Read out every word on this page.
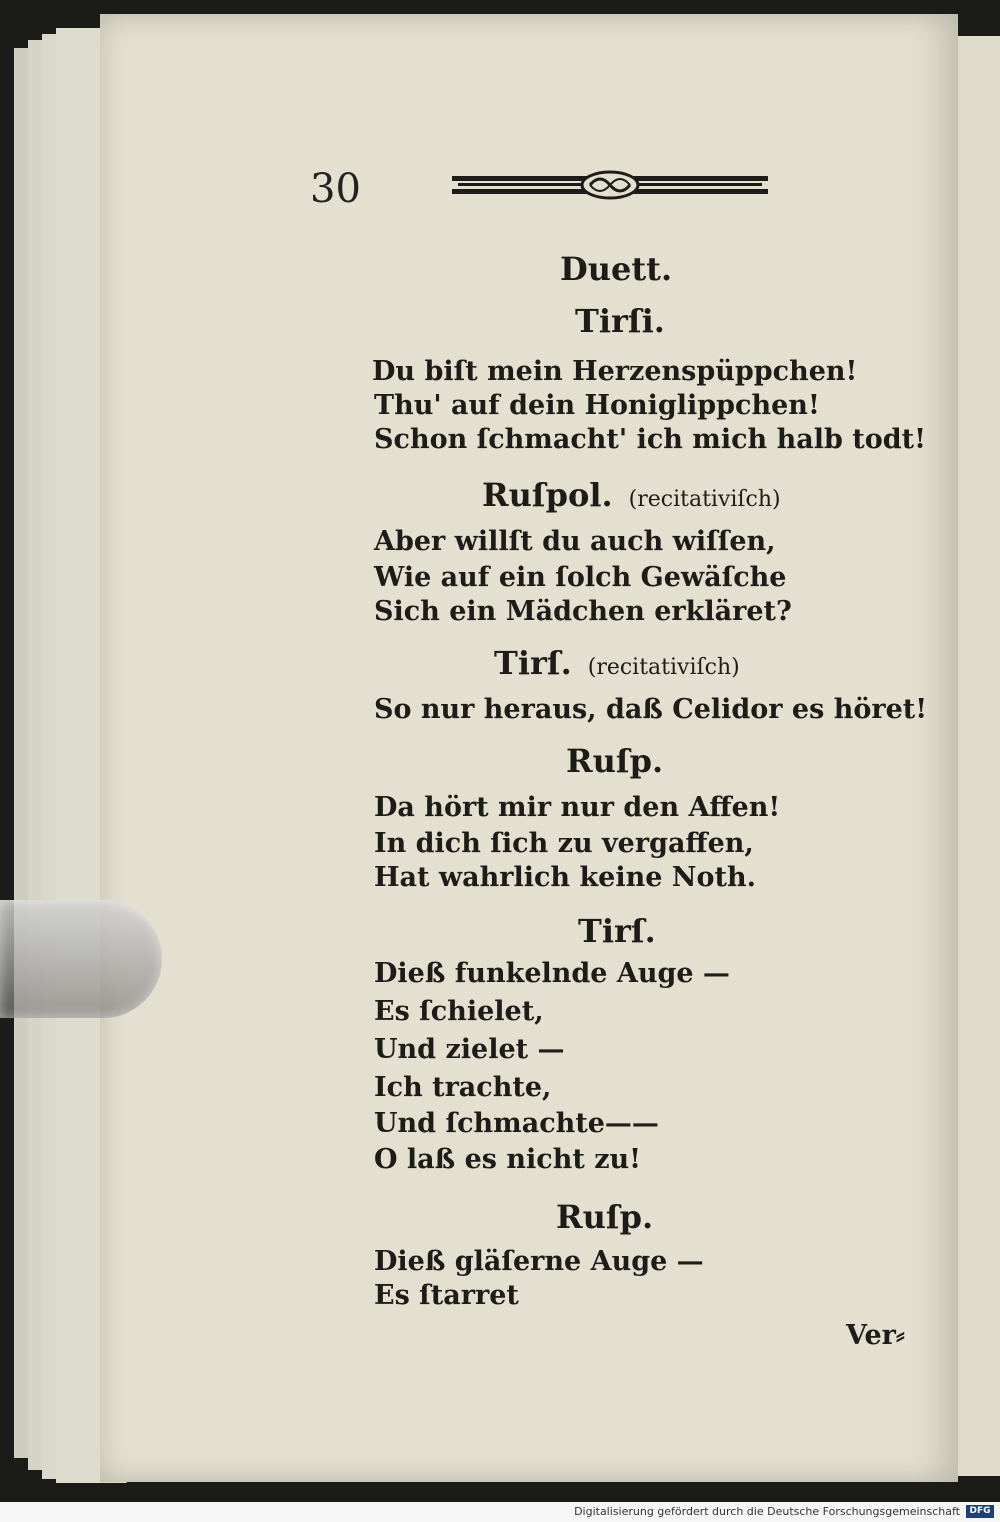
30
Duett.
Tirſi.
Du biſt mein Herzenspüppchen!
Thu' auf dein Honiglippchen!
Schon ſchmacht' ich mich halb todt!
Ruſpol. (recitativiſch)
Aber willſt du auch wiſſen,
Wie auf ein ſolch Gewäſche
Sich ein Mädchen erkläret?
Tirſ. (recitativiſch)
So nur heraus, daß Celidor es höret!
Ruſp.
Da hört mir nur den Affen!
In dich ſich zu vergaffen,
Hat wahrlich keine Noth.
Tirſ.
Dieß funkelnde Auge —
Es ſchielet,
Und zielet —
Ich trachte,
Und ſchmachte——
O laß es nicht zu!
Ruſp.
Dieß gläſerne Auge —
Es ſtarret
Ver⸗
Digitalisierung gefördert durch die Deutsche Forschungsgemeinschaft	DFG
